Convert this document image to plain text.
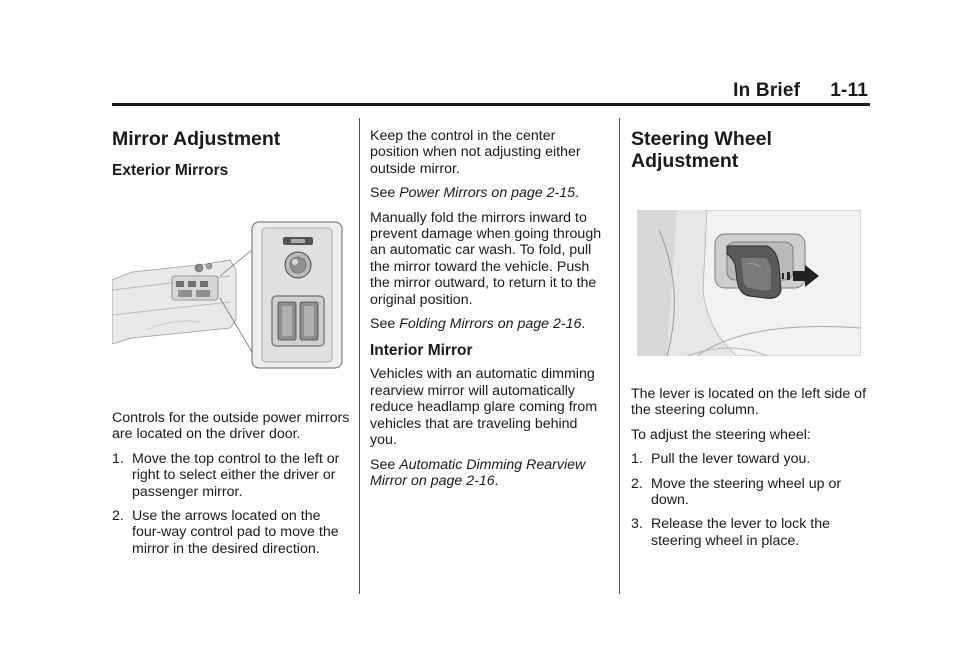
In Brief 1-11
Mirror Adjustment
Exterior Mirrors

Controls for the outside power mirrors are located on the driver door.

1. Move the top control to the left or right to select either the driver or passenger mirror.
2. Use the arrows located on the four-way control pad to move the mirror in the desired direction.

Keep the control in the center position when not adjusting either outside mirror.

See Power Mirrors on page 2-15.

Manually fold the mirrors inward to prevent damage when going through an automatic car wash. To fold, pull the mirror toward the vehicle. Push the mirror outward, to return it to the original position.

See Folding Mirrors on page 2-16.

Interior Mirror

Vehicles with an automatic dimming rearview mirror will automatically reduce headlamp glare coming from vehicles that are traveling behind you.

See Automatic Dimming Rearview Mirror on page 2-16.

Steering Wheel Adjustment

The lever is located on the left side of the steering column.

To adjust the steering wheel:

1. Pull the lever toward you.
2. Move the steering wheel up or down.
3. Release the lever to lock the steering wheel in place.
